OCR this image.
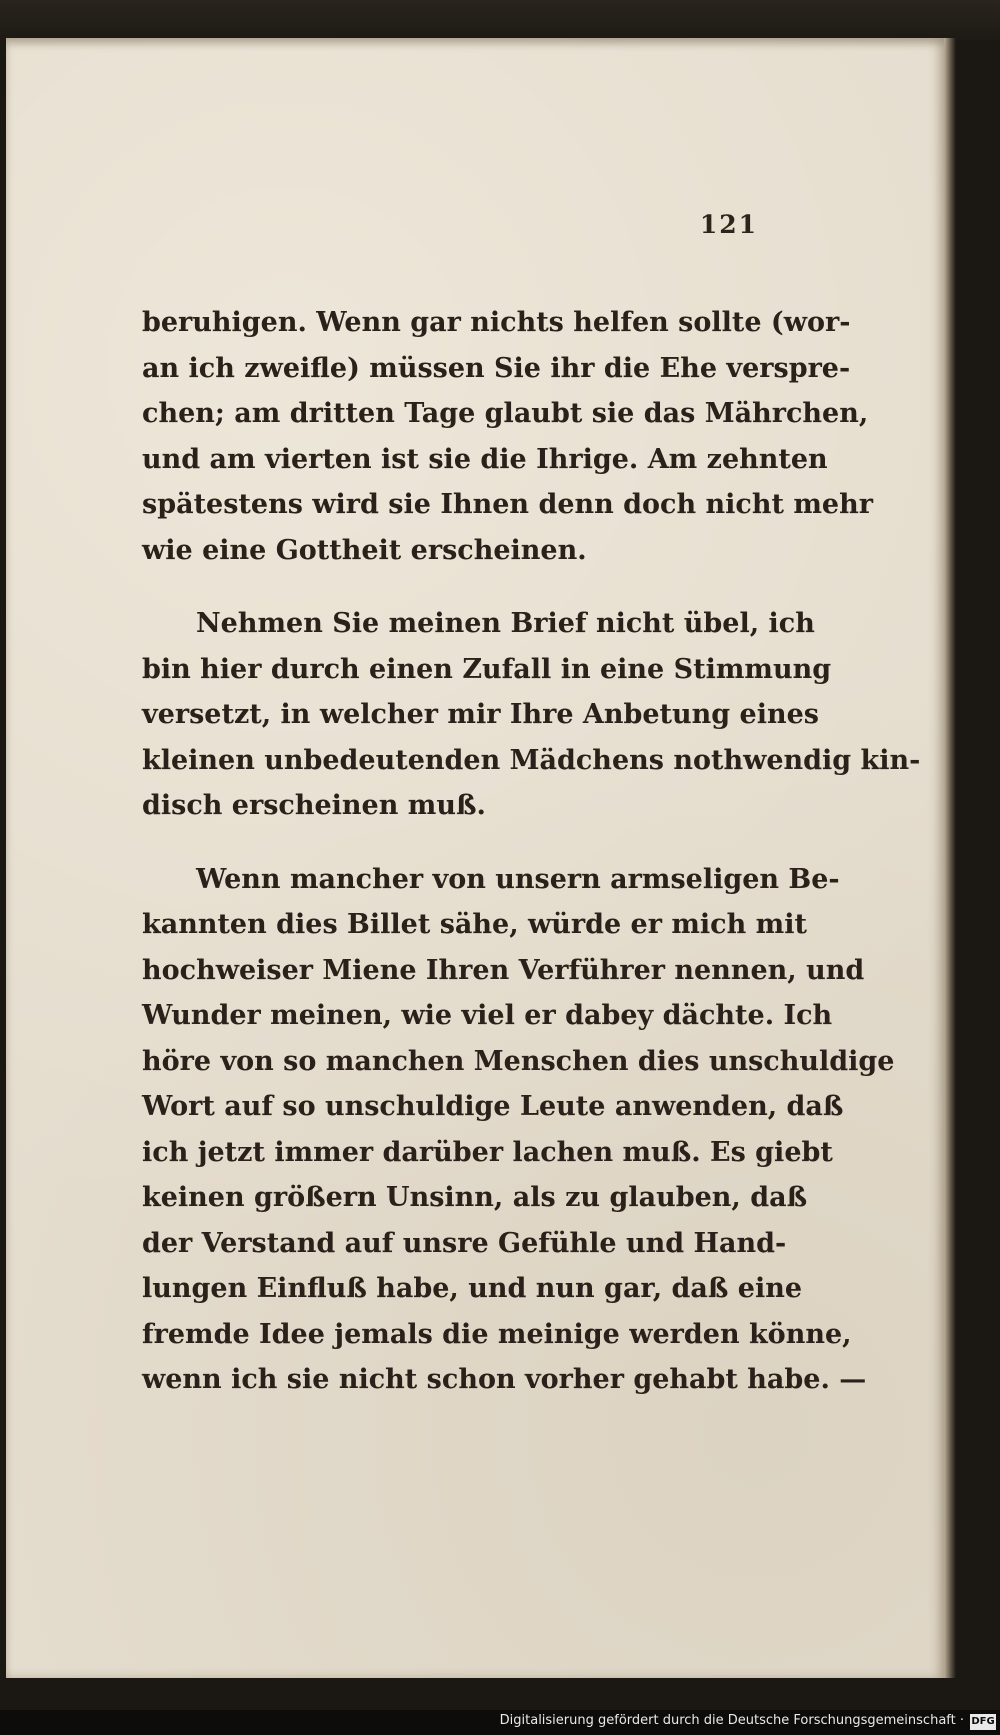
121
beruhigen. Wenn gar nichts helfen sollte (wor-
an ich zweifle) müssen Sie ihr die Ehe verspre-
chen; am dritten Tage glaubt sie das Mährchen,
und am vierten ist sie die Ihrige. Am zehnten
spätestens wird sie Ihnen denn doch nicht mehr
wie eine Gottheit erscheinen.
Nehmen Sie meinen Brief nicht übel, ich
bin hier durch einen Zufall in eine Stimmung
versetzt, in welcher mir Ihre Anbetung eines
kleinen unbedeutenden Mädchens nothwendig kin-
disch erscheinen muß.
Wenn mancher von unsern armseligen Be-
kannten dies Billet sähe, würde er mich mit
hochweiser Miene Ihren Verführer nennen, und
Wunder meinen, wie viel er dabey dächte. Ich
höre von so manchen Menschen dies unschuldige
Wort auf so unschuldige Leute anwenden, daß
ich jetzt immer darüber lachen muß. Es giebt
keinen größern Unsinn, als zu glauben, daß
der Verstand auf unsre Gefühle und Hand-
lungen Einfluß habe, und nun gar, daß eine
fremde Idee jemals die meinige werden könne,
wenn ich sie nicht schon vorher gehabt habe. —
Digitalisierung gefördert durch die Deutsche Forschungsgemeinschaft · DFG
